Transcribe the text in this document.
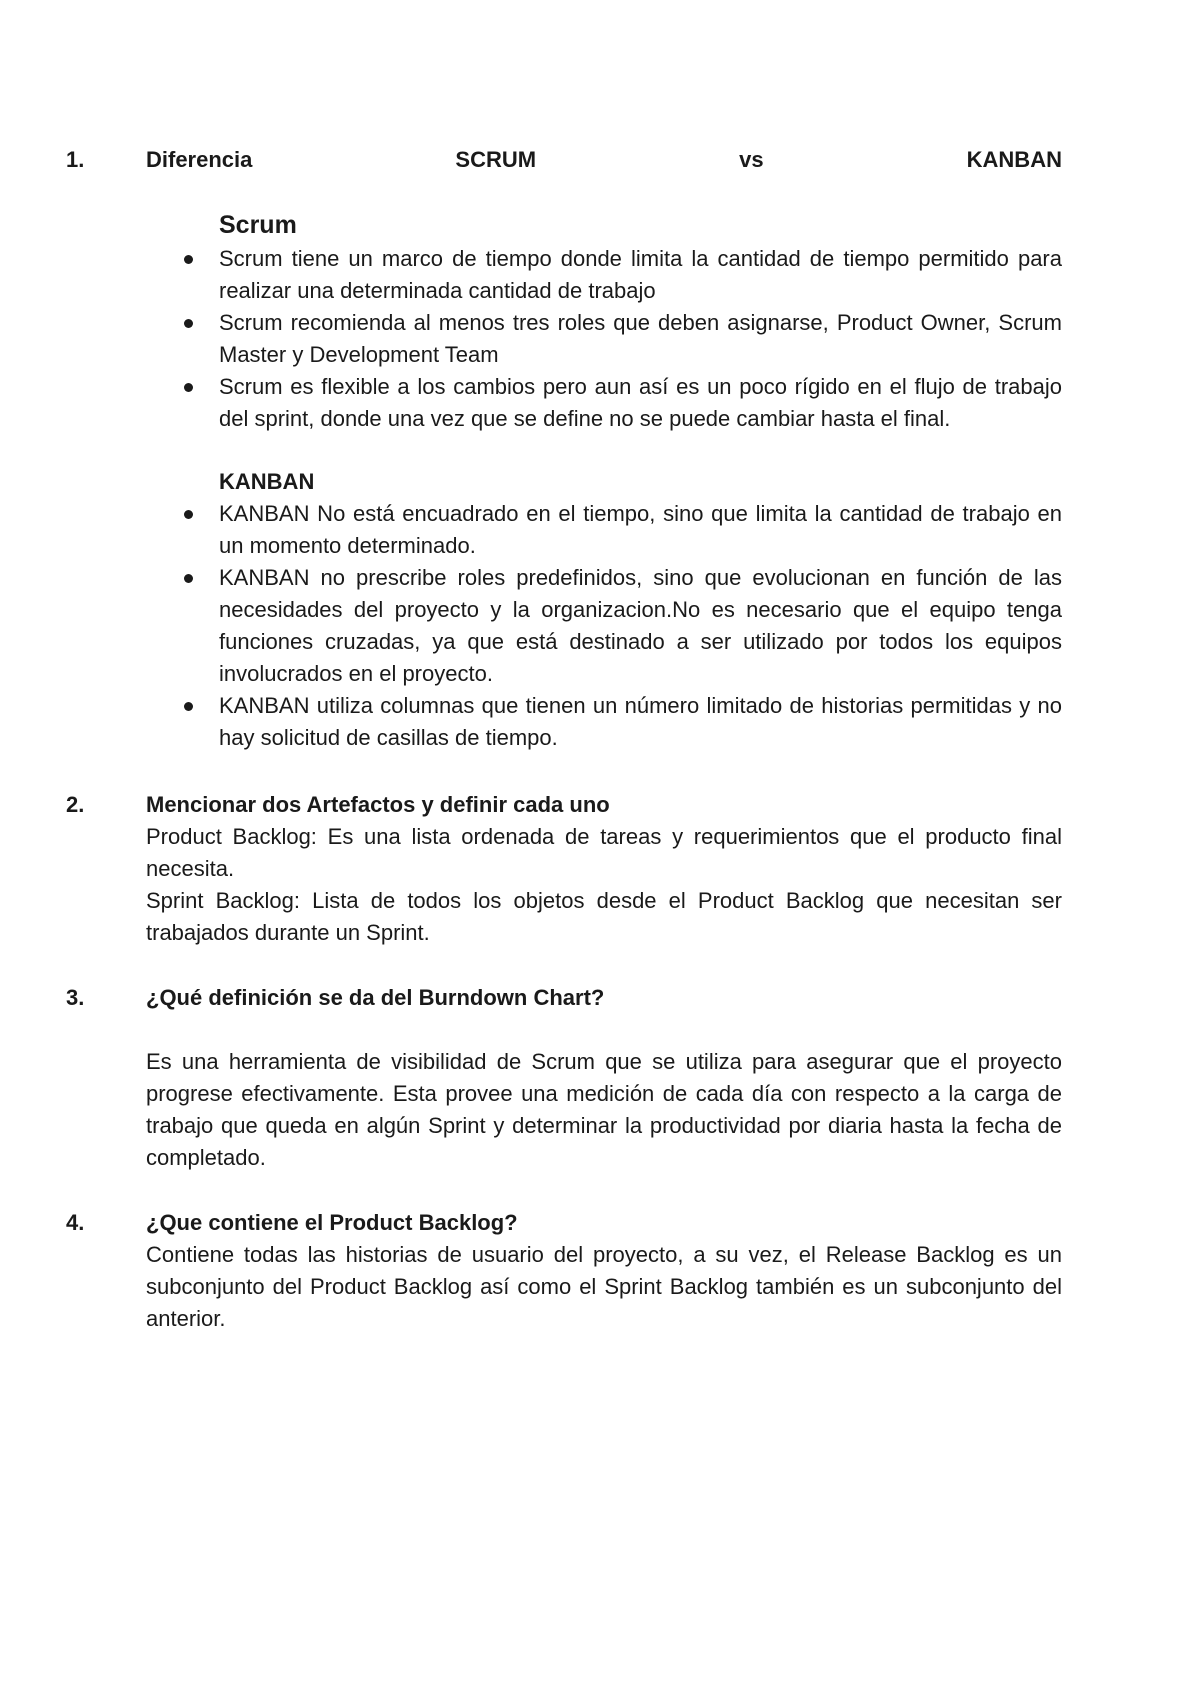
1.	Diferencia	SCRUM	vs	KANBAN
Scrum
Scrum tiene un marco de tiempo donde limita la cantidad de tiempo permitido para realizar una determinada cantidad de trabajo
Scrum recomienda al menos tres roles que deben asignarse, Product Owner, Scrum Master y Development Team
Scrum es flexible a los cambios pero aun así es un poco rígido en el flujo de trabajo del sprint, donde una vez que se define no se puede cambiar hasta el final.
KANBAN
KANBAN No está encuadrado en el tiempo, sino que limita la cantidad de trabajo en un momento determinado.
KANBAN no prescribe roles predefinidos, sino que evolucionan en función de las necesidades del proyecto y la organizacion.No es necesario que el equipo tenga funciones cruzadas, ya que está destinado a ser utilizado por todos los equipos involucrados en el proyecto.
KANBAN utiliza columnas que tienen un número limitado de historias permitidas y no hay solicitud de casillas de tiempo.
2.	Mencionar dos Artefactos y definir cada uno
Product Backlog: Es una lista ordenada de tareas y requerimientos que el producto final necesita.
Sprint Backlog: Lista de todos los objetos desde el Product Backlog que necesitan ser trabajados durante un Sprint.
3.	¿Qué definición se da del Burndown Chart?

Es una herramienta de visibilidad de Scrum que se utiliza para asegurar que el proyecto progrese efectivamente. Esta provee una medición de cada día con respecto a la carga de trabajo que queda en algún Sprint y determinar la productividad por diaria hasta la fecha de completado.

4.	¿Que contiene el Product Backlog?

Contiene todas las historias de usuario del proyecto, a su vez, el Release Backlog es un subconjunto del Product Backlog así como el Sprint Backlog también es un subconjunto del anterior.
